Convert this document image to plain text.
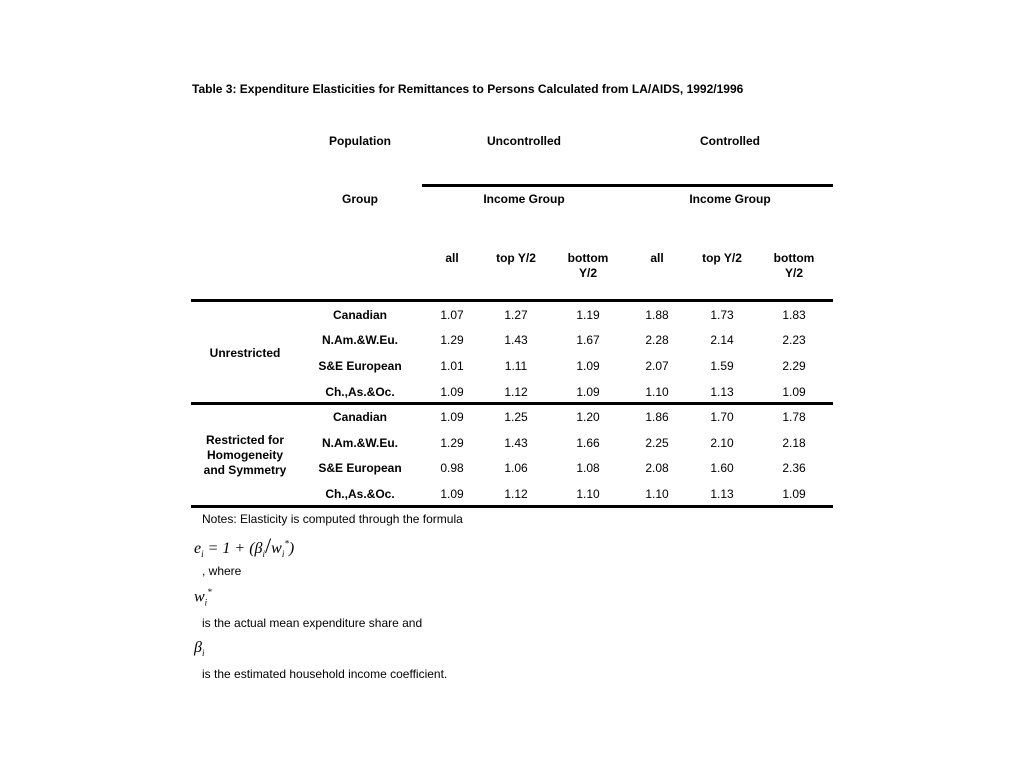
Table 3: Expenditure Elasticities for Remittances to Persons Calculated from LA/AIDS, 1992/1996
Population	Uncontrolled	Controlled
Group	Income Group	Income Group
all	top Y/2	bottom Y/2
all	top Y/2	bottom Y/2
Unrestricted
Canadian	1.07	1.27	1.19	1.88	1.73	1.83
N.Am.&W.Eu.	1.29	1.43	1.67	2.28	2.14	2.23
S&E European	1.01	1.11	1.09	2.07	1.59	2.29
Ch.,As.&Oc.	1.09	1.12	1.09	1.10	1.13	1.09
Restricted for Homogeneity and Symmetry
Canadian	1.09	1.25	1.20	1.86	1.70	1.78
N.Am.&W.Eu.	1.29	1.43	1.66	2.25	2.10	2.18
S&E European	0.98	1.06	1.08	2.08	1.60	2.36
Ch.,As.&Oc.	1.09	1.12	1.10	1.10	1.13	1.09
Notes: Elasticity is computed through the formula
$e_i = 1 + (\beta_i/w_i^*)$
, where
$w_i^*$
is the actual mean expenditure share and
$\beta_i$
is the estimated household income coefficient.
